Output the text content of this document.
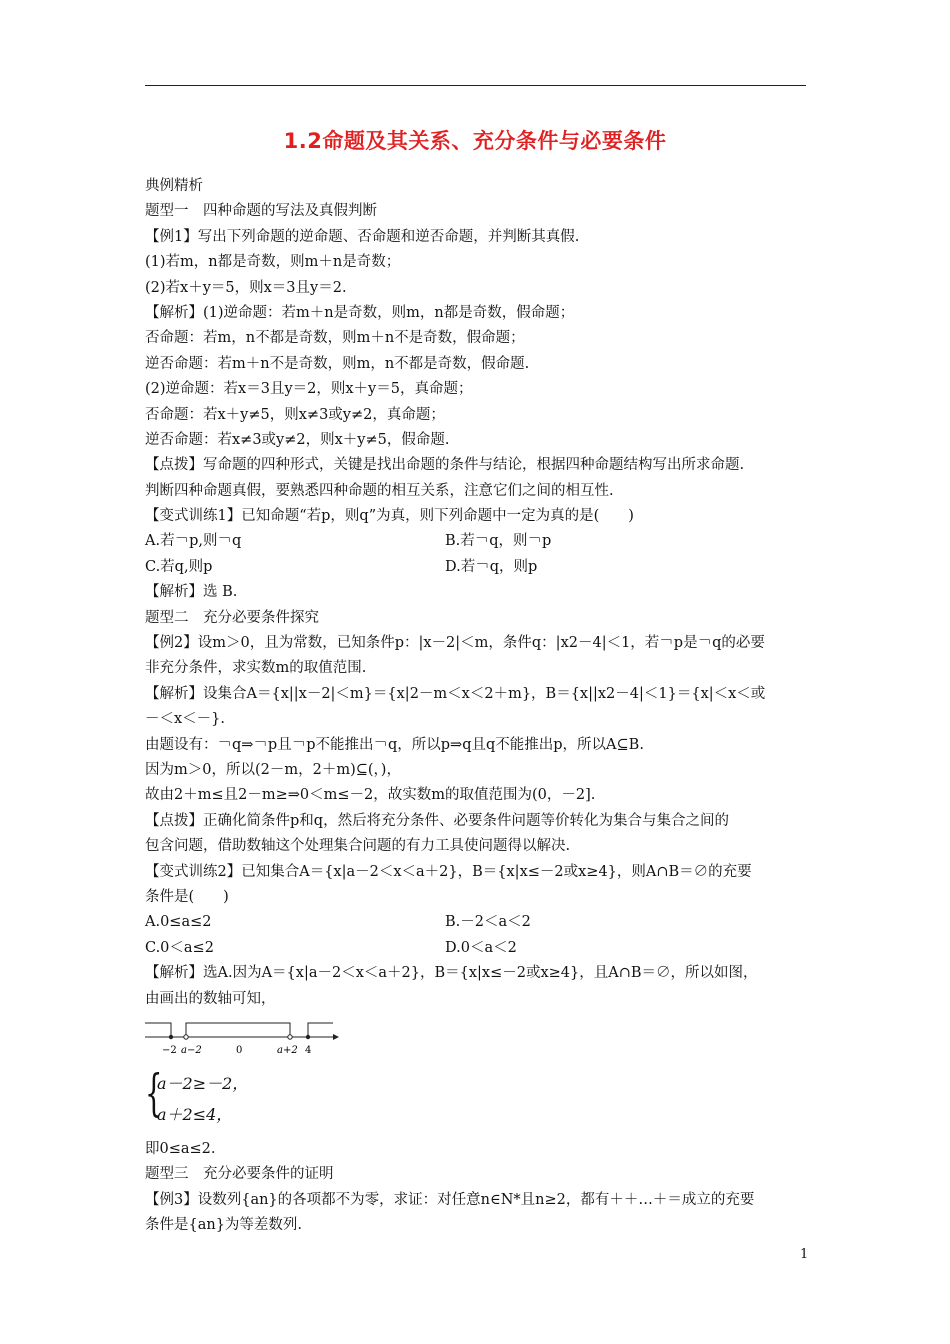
1.2命题及其关系、充分条件与必要条件
典例精析
题型一　四种命题的写法及真假判断
【例1】写出下列命题的逆命题、否命题和逆否命题，并判断其真假.
(1)若m，n都是奇数，则m＋n是奇数；
(2)若x＋y＝5，则x＝3且y＝2.
【解析】(1)逆命题：若m＋n是奇数，则m，n都是奇数，假命题；
否命题：若m，n不都是奇数，则m＋n不是奇数，假命题；
逆否命题：若m＋n不是奇数，则m，n不都是奇数，假命题.
(2)逆命题：若x＝3且y＝2，则x＋y＝5，真命题；
否命题：若x＋y≠5，则x≠3或y≠2，真命题；
逆否命题：若x≠3或y≠2，则x＋y≠5，假命题.
【点拨】写命题的四种形式，关键是找出命题的条件与结论，根据四种命题结构写出所求命题.
判断四种命题真假，要熟悉四种命题的相互关系，注意它们之间的相互性.
【变式训练1】已知命题“若p，则q”为真，则下列命题中一定为真的是(　　)
A.若￢p,则￢q	B.若￢q，则￢p
C.若q,则p	D.若￢q，则p
【解析】选 B.
题型二　充分必要条件探究
【例2】设m＞0，且为常数，已知条件p：|x－2|＜m，条件q：|x2－4|＜1，若￢p是￢q的必要
非充分条件，求实数m的取值范围.
【解析】设集合A＝{x||x－2|＜m}＝{x|2－m＜x＜2＋m}，B＝{x||x2－4|＜1}＝{x|＜x＜或
－＜x＜－}.
由题设有：￢q⇒￢p且￢p不能推出￢q，所以p⇒q且q不能推出p，所以A⊆B.
因为m＞0，所以(2－m，2＋m)⊆(，)，
故由2＋m≤且2－m≥⇒0＜m≤－2，故实数m的取值范围为(0，－2].
【点拨】正确化简条件p和q，然后将充分条件、必要条件问题等价转化为集合与集合之间的
包含问题，借助数轴这个处理集合问题的有力工具使问题得以解决.
【变式训练2】已知集合A＝{x|a－2＜x＜a＋2}，B＝{x|x≤－2或x≥4}，则A∩B＝∅的充要
条件是(　　)
A.0≤a≤2	B.－2＜a＜2
C.0＜a≤2	D.0＜a＜2
【解析】选A.因为A＝{x|a－2＜x＜a＋2}，B＝{x|x≤－2或x≥4}，且A∩B＝∅，所以如图，
由画出的数轴可知，
−2 a−2	0	a+2 4
{
a－2≥－2，
a＋2≤4，
即0≤a≤2.
题型三　充分必要条件的证明
【例3】设数列{an}的各项都不为零，求证：对任意n∈N*且n≥2，都有＋＋…＋＝成立的充要
条件是{an}为等差数列.
1
